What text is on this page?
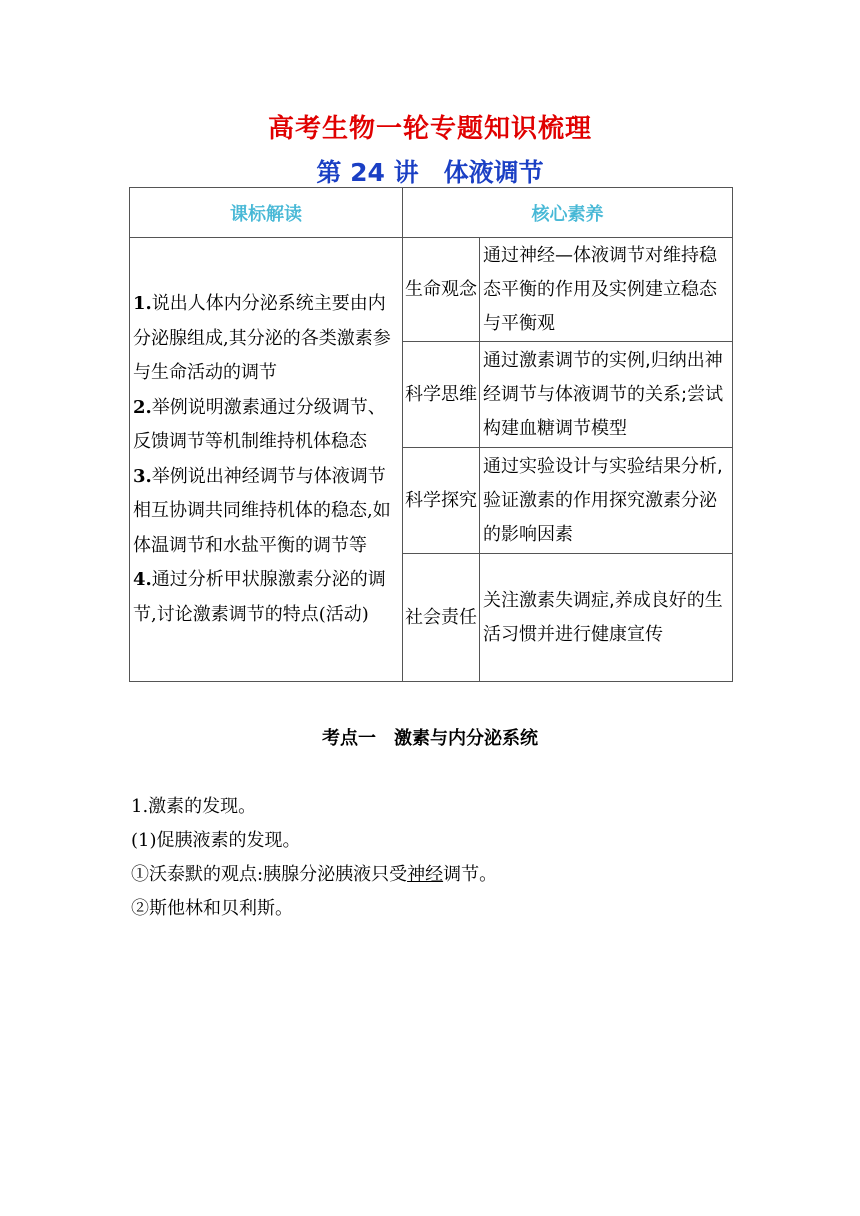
高考生物一轮专题知识梳理
第 24 讲　体液调节
课标解读	核心素养	

1.说出人体内分泌系统主要由内分泌腺组成,其分泌的各类激素参与生命活动的调节

2.举例说明激素通过分级调节、反馈调节等机制维持机体稳态

3.举例说出神经调节与体液调节相互协调共同维持机体的稳态,如体温调节和水盐平衡的调节等

4.通过分析甲状腺激素分泌的调节,讨论激素调节的特点(活动)	生命观念	通过神经—体液调节对维持稳态平衡的作用及实例建立稳态与平衡观
	科学思维	通过激素调节的实例,归纳出神经调节与体液调节的关系;尝试构建血糖调节模型
	科学探究	通过实验设计与实验结果分析,验证激素的作用探究激素分泌的影响因素
	社会责任	关注激素失调症,养成良好的生活习惯并进行健康宣传
考点一　激素与内分泌系统
1.激素的发现。
(1)促胰液素的发现。
①沃泰默的观点:胰腺分泌胰液只受神经调节。
②斯他林和贝利斯。
